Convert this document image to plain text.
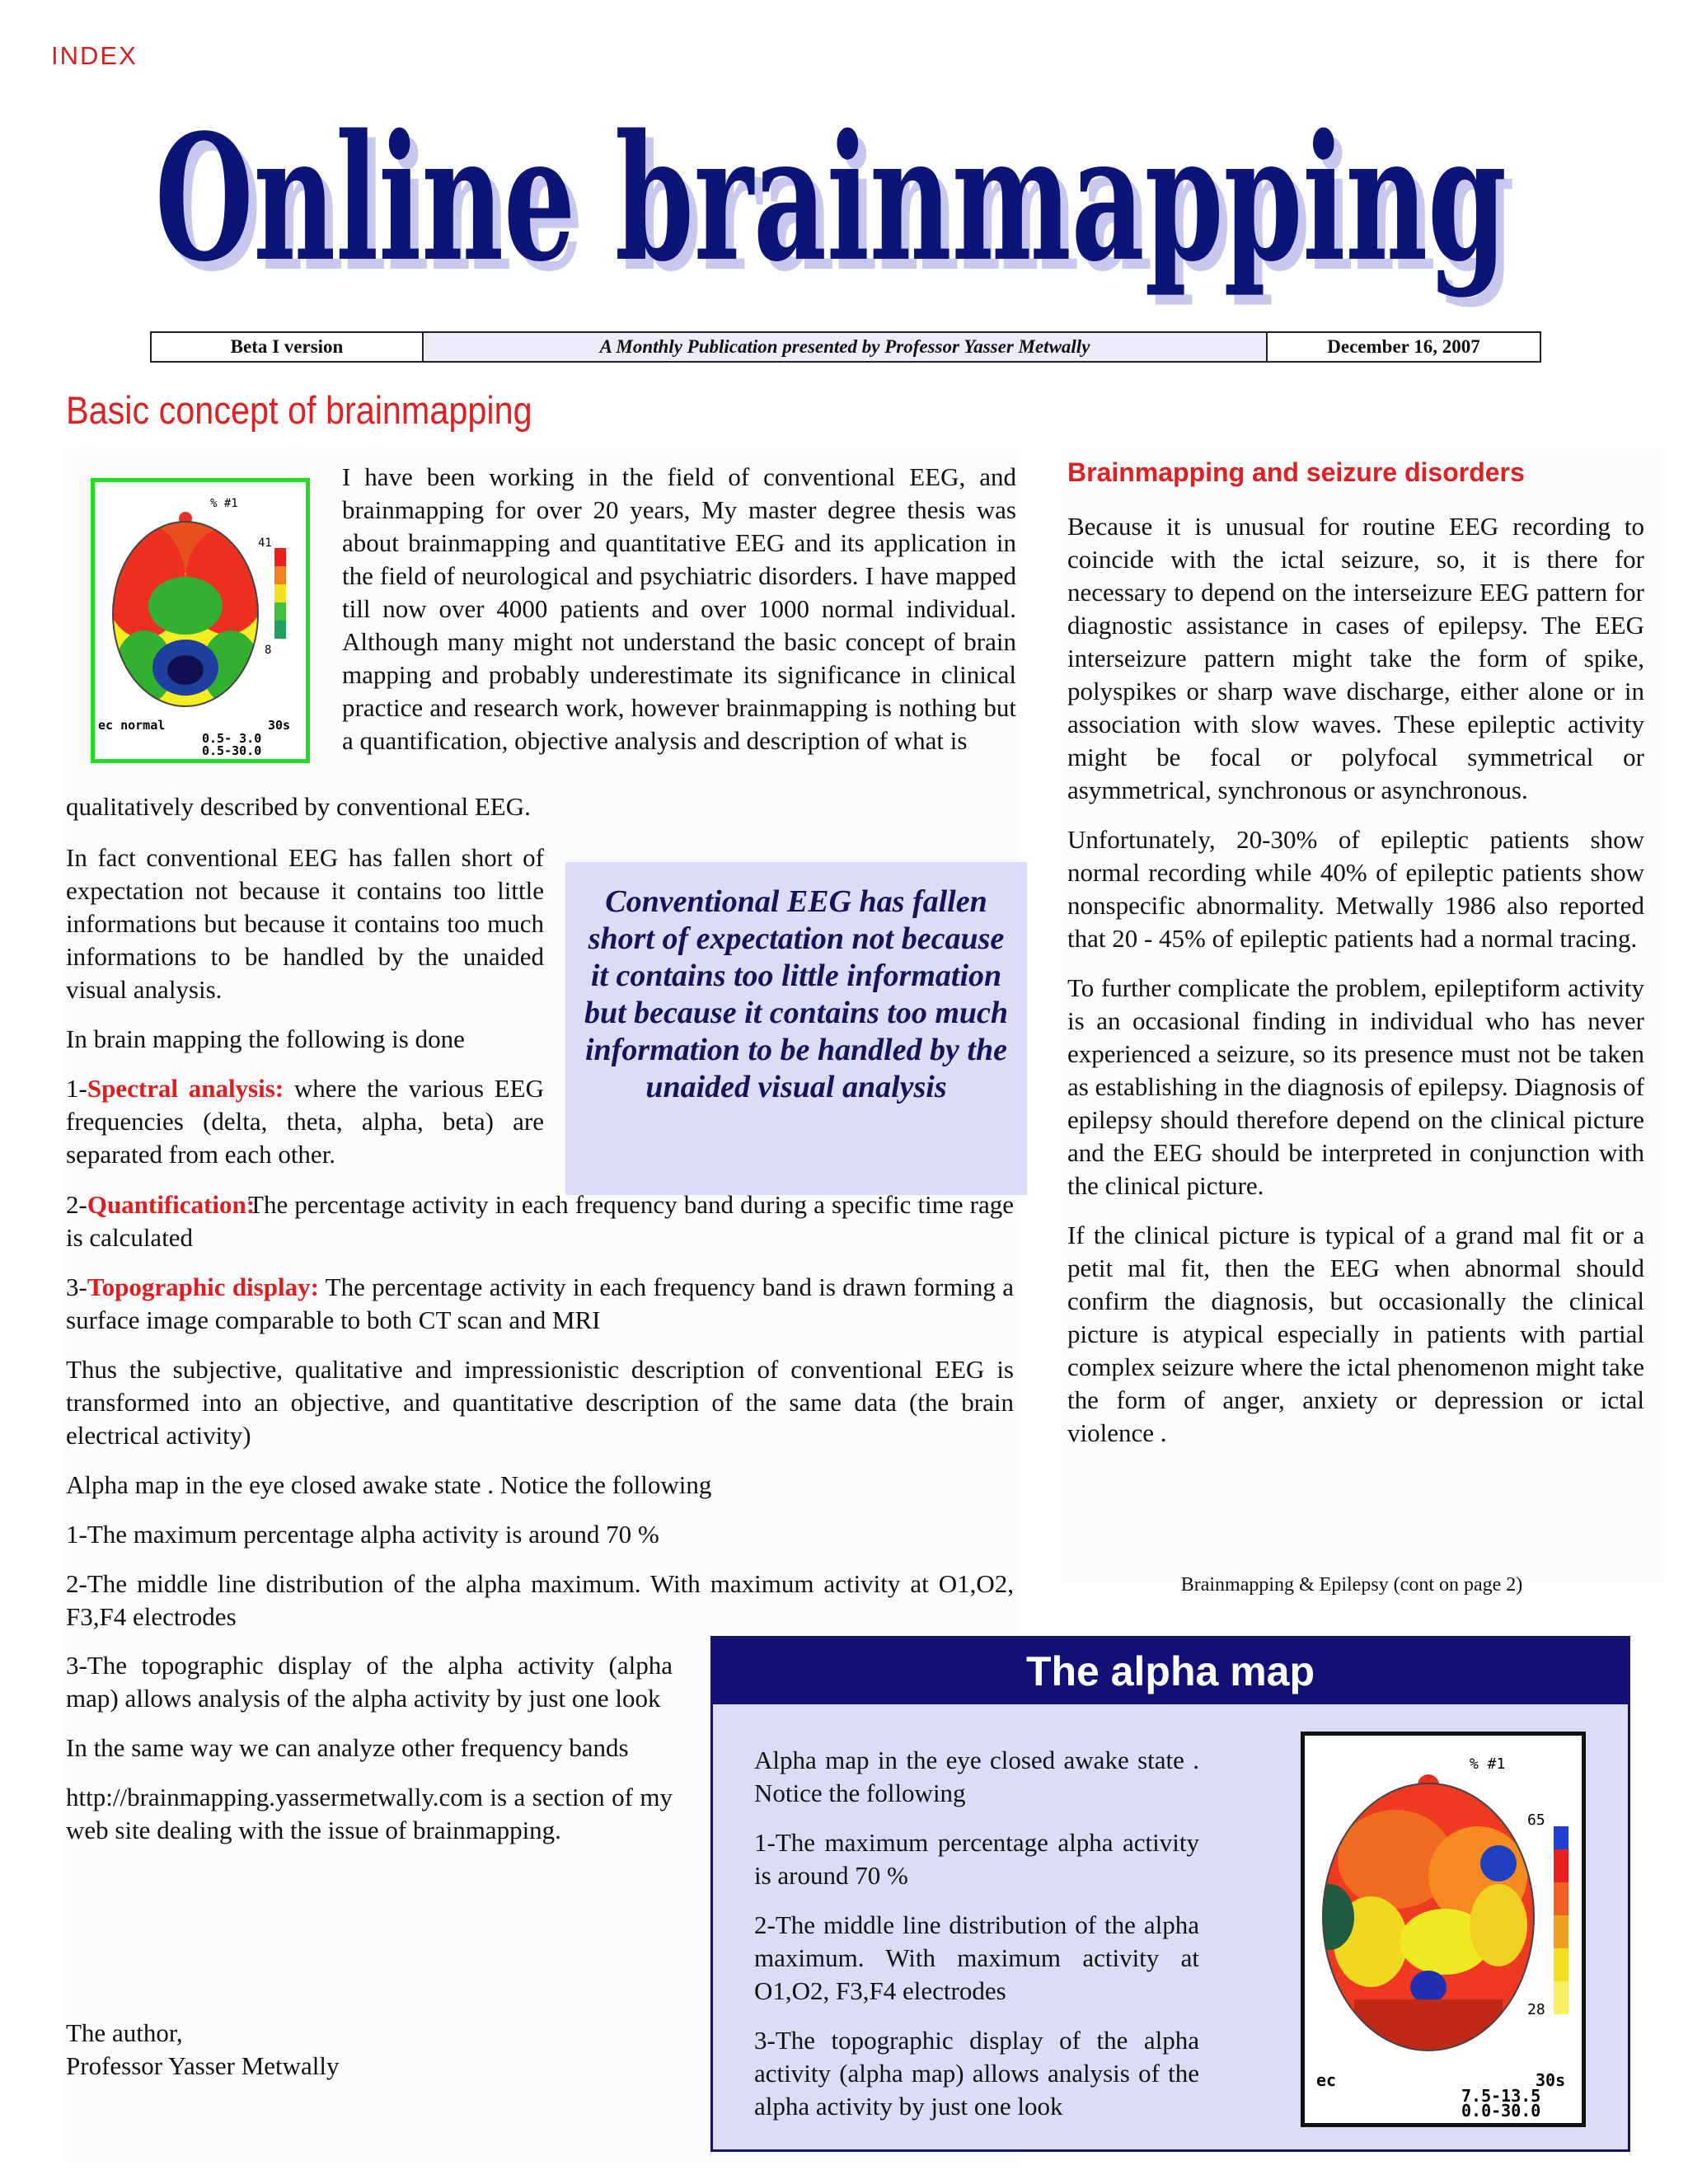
INDEX
Online brainmapping
Online brainmapping
Beta I version	A Monthly Publication presented by Professor Yasser Metwally	December 16, 2007
Basic concept of brainmapping
% #1
41
8
ec normal	30s
0.5- 3.0
0.5-30.0
I have been working in the field of conventional EEG, and brainmapping for over 20 years, My master degree thesis was about brainmapping and quantitative EEG and its application in the field of neurological and psychiatric disorders. I have mapped till now over 4000 patients and over 1000 normal individual. Although many might not understand the basic concept of brain mapping and probably underestimate its significance in clinical practice and research work, however brainmapping is nothing but a quantification, objective analysis and description of what is
qualitatively described by conventional EEG.

In fact conventional EEG has fallen short of expectation not because it contains too little informations but because it contains too much informations to be handled by the unaided visual analysis.

In brain mapping the following is done

1-Spectral analysis: where the various EEG frequencies (delta, theta, alpha, beta) are separated from each other.

Conventional EEG has fallen short of expectation not because it contains too little information but because it contains too much information to be handled by the unaided visual analysis
2-Quantification:
The percentage activity in each frequency band during a specific time rage is calculated

3-Topographic display: The percentage activity in each frequency band is drawn forming a surface image comparable to both CT scan and MRI

Thus the subjective, qualitative and impressionistic description of conventional EEG is transformed into an objective, and quantitative description of the same data (the brain electrical activity)

Alpha map in the eye closed awake state . Notice the following

1-The maximum percentage alpha activity is around 70 %

2-The middle line distribution of the alpha maximum. With maximum activity at O1,O2, F3,F4 electrodes

3-The topographic display of the alpha activity (alpha map) allows analysis of the alpha activity by just one look

In the same way we can analyze other frequency bands

http://brainmapping.yassermetwally.com is a section of my web site dealing with the issue of brainmapping.

The author,
Professor Yasser Metwally
Brainmapping and seizure disorders

Because it is unusual for routine EEG recording to coincide with the ictal seizure, so, it is there for necessary to depend on the interseizure EEG pattern for diagnostic assistance in cases of epilepsy. The EEG interseizure pattern might take the form of spike, polyspikes or sharp wave discharge, either alone or in association with slow waves. These epileptic activity might be focal or polyfocal symmetrical or asymmetrical, synchronous or asynchronous.

Unfortunately, 20-30% of epileptic patients show normal recording while 40% of epileptic patients show nonspecific abnormality. Metwally 1986 also reported that 20 - 45% of epileptic patients had a normal tracing.

To further complicate the problem, epileptiform activity is an occasional finding in individual who has never experienced a seizure, so its presence must not be taken as establishing in the diagnosis of epilepsy. Diagnosis of epilepsy should therefore depend on the clinical picture and the EEG should be interpreted in conjunction with the clinical picture.

If the clinical picture is typical of a grand mal fit or a petit mal fit, then the EEG when abnormal should confirm the diagnosis, but occasionally the clinical picture is atypical especially in patients with partial complex seizure where the ictal phenomenon might take the form of anger, anxiety or depression or ictal violence .

Brainmapping & Epilepsy (cont on page 2)
The alpha map

Alpha map in the eye closed awake state . Notice the following

1-The maximum percentage alpha activity is around 70 %

2-The middle line distribution of the alpha maximum. With maximum activity at O1,O2, F3,F4 electrodes

3-The topographic display of the alpha activity (alpha map) allows analysis of the alpha activity by just one look

% #1
65
28
ec	30s
7.5-13.5
0.0-30.0
